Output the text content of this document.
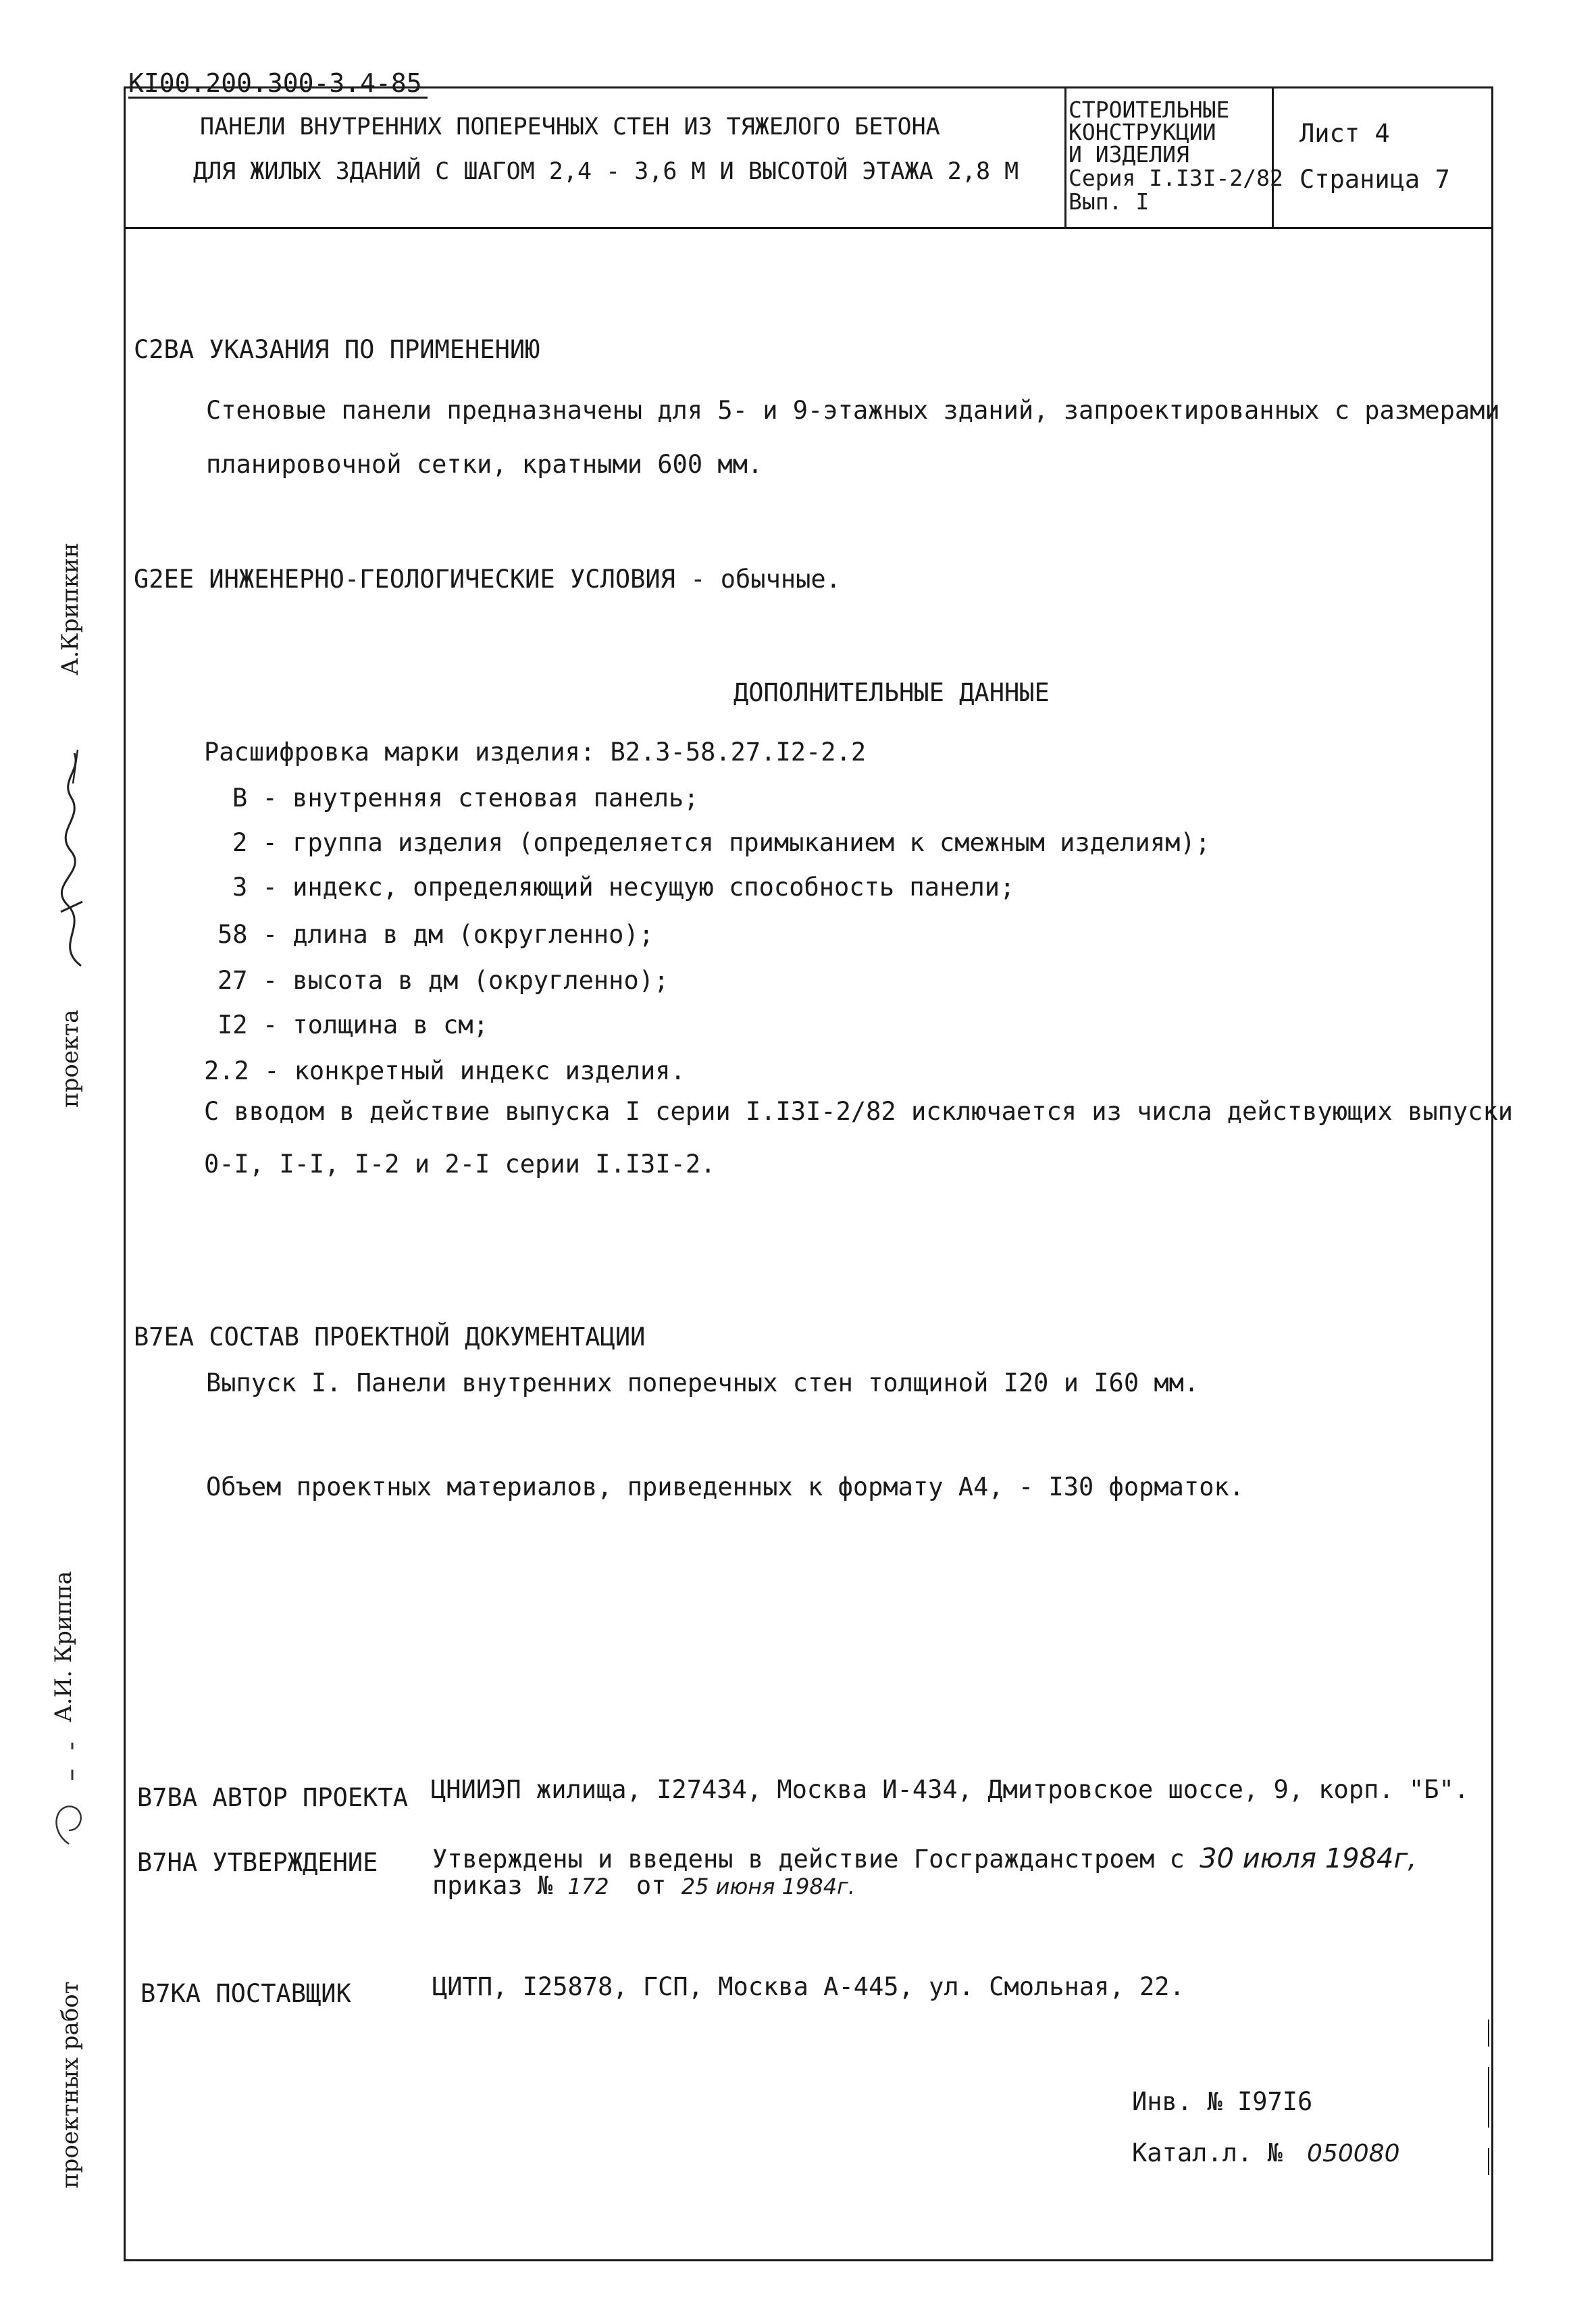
КI00.200.300-3.4-85
ПАНЕЛИ ВНУТРЕННИХ ПОПЕРЕЧНЫХ СТЕН ИЗ ТЯЖЕЛОГО БЕТОНА
ДЛЯ ЖИЛЫХ ЗДАНИЙ С ШАГОМ 2,4 - 3,6 М И ВЫСОТОЙ ЭТАЖА 2,8 М
СТРОИТЕЛЬНЫЕ
КОНСТРУКЦИИ
И ИЗДЕЛИЯ
Серия I.I3I-2/82
Вып. I
Лист 4
Страница 7
С2ВА УКАЗАНИЯ ПО ПРИМЕНЕНИЮ
Стеновые панели предназначены для 5- и 9-этажных зданий, запроектированных с размерами
планировочной сетки, кратными 600 мм.
G2ЕЕ ИНЖЕНЕРНО-ГЕОЛОГИЧЕСКИЕ УСЛОВИЯ - обычные.
ДОПОЛНИТЕЛЬНЫЕ ДАННЫЕ
Расшифровка марки изделия: В2.3-58.27.I2-2.2
В - внутренняя стеновая панель;
2 - группа изделия (определяется примыканием к смежным изделиям);
3 - индекс, определяющий несущую способность панели;
58 - длина в дм (округленно);
27 - высота в дм (округленно);
I2 - толщина в см;
2.2 - конкретный индекс изделия.
С вводом в действие выпуска I серии I.I3I-2/82 исключается из числа действующих выпуски
0-I, I-I, I-2 и 2-I серии I.I3I-2.
В7ЕА СОСТАВ ПРОЕКТНОЙ ДОКУМЕНТАЦИИ
Выпуск I. Панели внутренних поперечных стен толщиной I20 и I60 мм.
Объем проектных материалов, приведенных к формату А4, - I30 форматок.
В7ВА АВТОР ПРОЕКТА ЦНИИЭП жилища, I27434, Москва И-434, Дмитровское шоссе, 9, корп. "Б".
В7НА УТВЕРЖДЕНИЕ Утверждены и введены в действие Госгражданстроем с 30 июля 1984г,
приказ № 172 от 25 июня 1984г.
В7КА ПОСТАВЩИК	ЦИТП, I25878, ГСП, Москва А-445, ул. Смольная, 22.
Инв. № I97I6
Катал.л. № 050080
А.Крипкин
проекта
А.И. Криппа
проектных работ
